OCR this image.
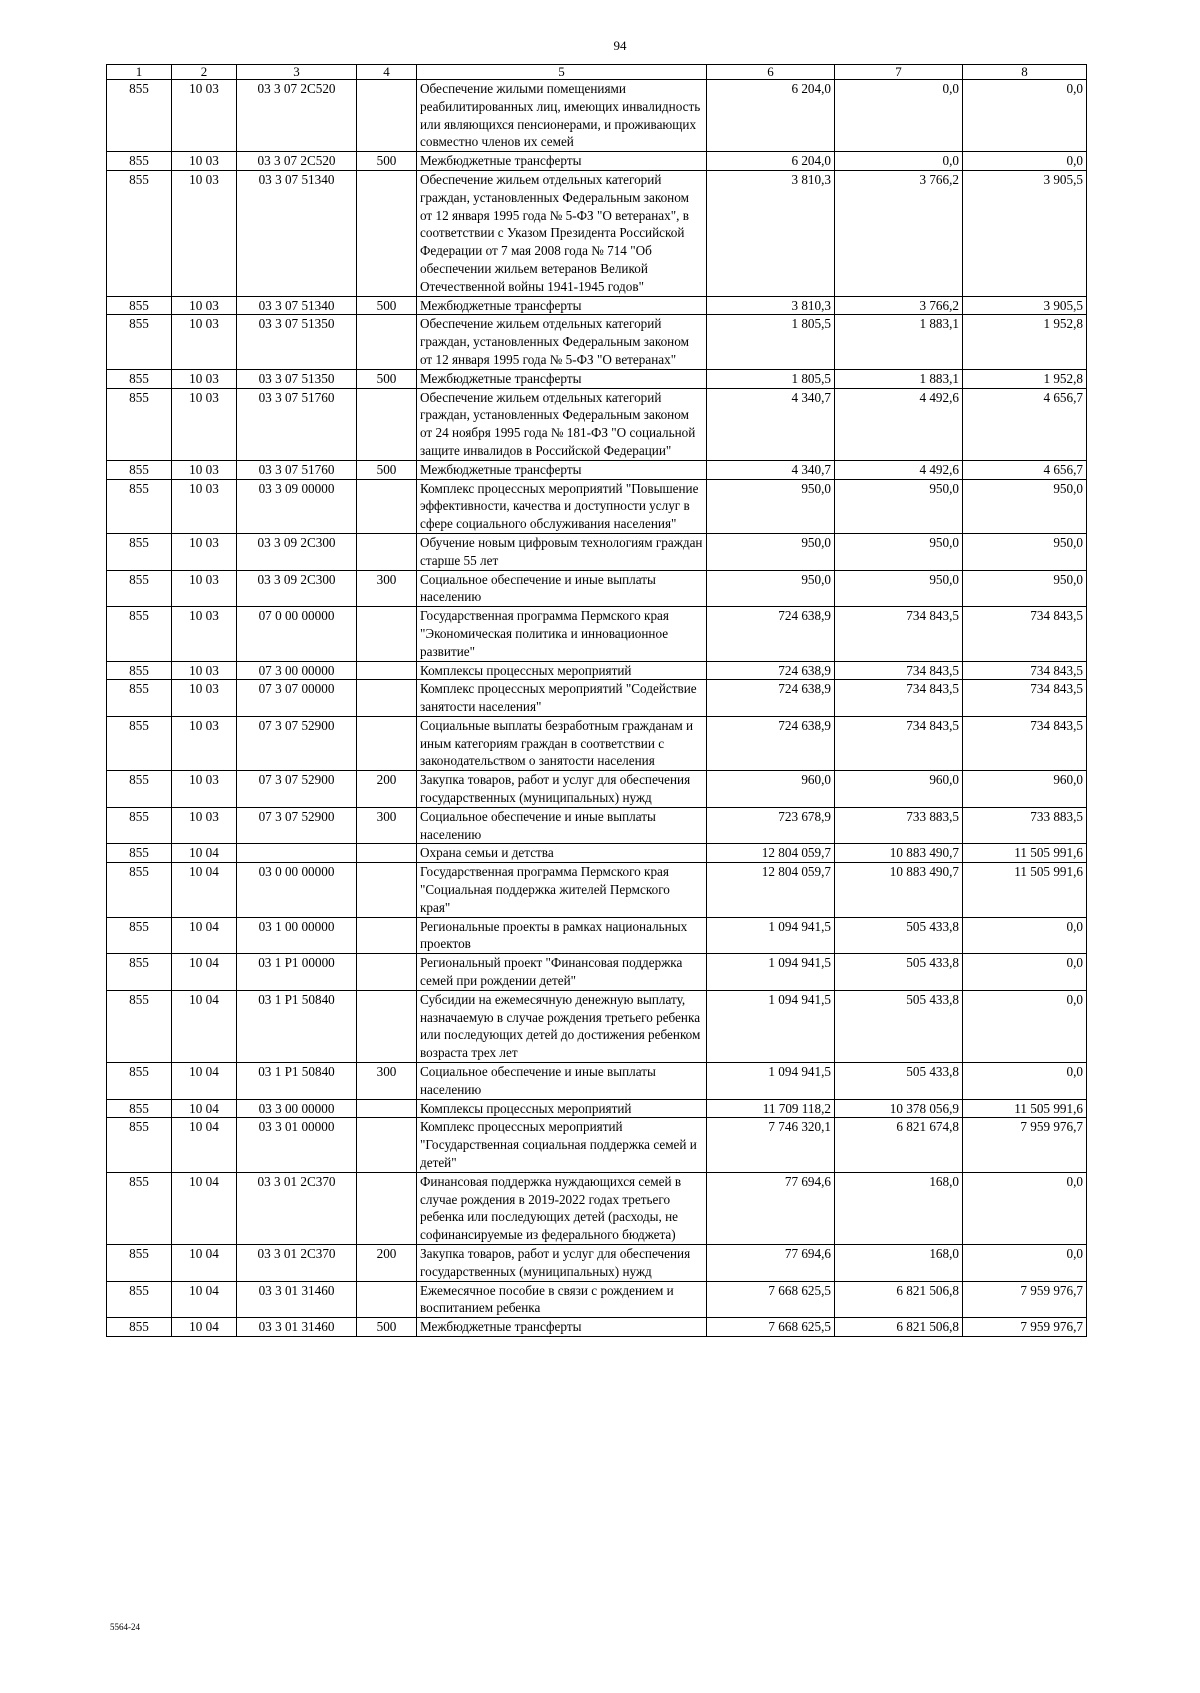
94
1	2	3	4	5	6	7	8
855	10 03	03 3 07 2С520		Обеспечение жилыми помещениями реабилитированных лиц, имеющих инвалидность или являющихся пенсионерами, и проживающих совместно членов их семей	6 204,0	0,0	0,0
855	10 03	03 3 07 2С520	500	Межбюджетные трансферты	6 204,0	0,0	0,0
855	10 03	03 3 07 51340		Обеспечение жильем отдельных категорий граждан, установленных Федеральным законом от 12 января 1995 года № 5-ФЗ "О ветеранах", в соответствии с Указом Президента Российской Федерации от 7 мая 2008 года № 714 "Об обеспечении жильем ветеранов Великой Отечественной войны 1941-1945 годов"	3 810,3	3 766,2	3 905,5
855	10 03	03 3 07 51340	500	Межбюджетные трансферты	3 810,3	3 766,2	3 905,5
855	10 03	03 3 07 51350		Обеспечение жильем отдельных категорий граждан, установленных Федеральным законом от 12 января 1995 года № 5-ФЗ "О ветеранах"	1 805,5	1 883,1	1 952,8
855	10 03	03 3 07 51350	500	Межбюджетные трансферты	1 805,5	1 883,1	1 952,8
855	10 03	03 3 07 51760		Обеспечение жильем отдельных категорий граждан, установленных Федеральным законом от 24 ноября 1995 года № 181-ФЗ "О социальной защите инвалидов в Российской Федерации"	4 340,7	4 492,6	4 656,7
855	10 03	03 3 07 51760	500	Межбюджетные трансферты	4 340,7	4 492,6	4 656,7
855	10 03	03 3 09 00000		Комплекс процессных мероприятий "Повышение эффективности, качества и доступности услуг в сфере социального обслуживания населения"	950,0	950,0	950,0
855	10 03	03 3 09 2С300		Обучение новым цифровым технологиям граждан старше 55 лет	950,0	950,0	950,0
855	10 03	03 3 09 2С300	300	Социальное обеспечение и иные выплаты населению	950,0	950,0	950,0
855	10 03	07 0 00 00000		Государственная программа Пермского края "Экономическая политика и инновационное развитие"	724 638,9	734 843,5	734 843,5
855	10 03	07 3 00 00000		Комплексы процессных мероприятий	724 638,9	734 843,5	734 843,5
855	10 03	07 3 07 00000		Комплекс процессных мероприятий "Содействие занятости населения"	724 638,9	734 843,5	734 843,5
855	10 03	07 3 07 52900		Социальные выплаты безработным гражданам и иным категориям граждан в соответствии с законодательством о занятости населения	724 638,9	734 843,5	734 843,5
855	10 03	07 3 07 52900	200	Закупка товаров, работ и услуг для обеспечения государственных (муниципальных) нужд	960,0	960,0	960,0
855	10 03	07 3 07 52900	300	Социальное обеспечение и иные выплаты населению	723 678,9	733 883,5	733 883,5
855	10 04			Охрана семьи и детства	12 804 059,7	10 883 490,7	11 505 991,6
855	10 04	03 0 00 00000		Государственная программа Пермского края "Социальная поддержка жителей Пермского края"	12 804 059,7	10 883 490,7	11 505 991,6
855	10 04	03 1 00 00000		Региональные проекты в рамках национальных проектов	1 094 941,5	505 433,8	0,0
855	10 04	03 1 Р1 00000		Региональный проект "Финансовая поддержка семей при рождении детей"	1 094 941,5	505 433,8	0,0
855	10 04	03 1 Р1 50840		Субсидии на ежемесячную денежную выплату, назначаемую в случае рождения третьего ребенка или последующих детей до достижения ребенком возраста трех лет	1 094 941,5	505 433,8	0,0
855	10 04	03 1 Р1 50840	300	Социальное обеспечение и иные выплаты населению	1 094 941,5	505 433,8	0,0
855	10 04	03 3 00 00000		Комплексы процессных мероприятий	11 709 118,2	10 378 056,9	11 505 991,6
855	10 04	03 3 01 00000		Комплекс процессных мероприятий "Государственная социальная поддержка семей и детей"	7 746 320,1	6 821 674,8	7 959 976,7
855	10 04	03 3 01 2С370		Финансовая поддержка нуждающихся семей в случае рождения в 2019-2022 годах третьего ребенка или последующих детей (расходы, не софинансируемые из федерального бюджета)	77 694,6	168,0	0,0
855	10 04	03 3 01 2С370	200	Закупка товаров, работ и услуг для обеспечения государственных (муниципальных) нужд	77 694,6	168,0	0,0
855	10 04	03 3 01 31460		Ежемесячное пособие в связи с рождением и воспитанием ребенка	7 668 625,5	6 821 506,8	7 959 976,7
855	10 04	03 3 01 31460	500	Межбюджетные трансферты	7 668 625,5	6 821 506,8	7 959 976,7
5564-24
